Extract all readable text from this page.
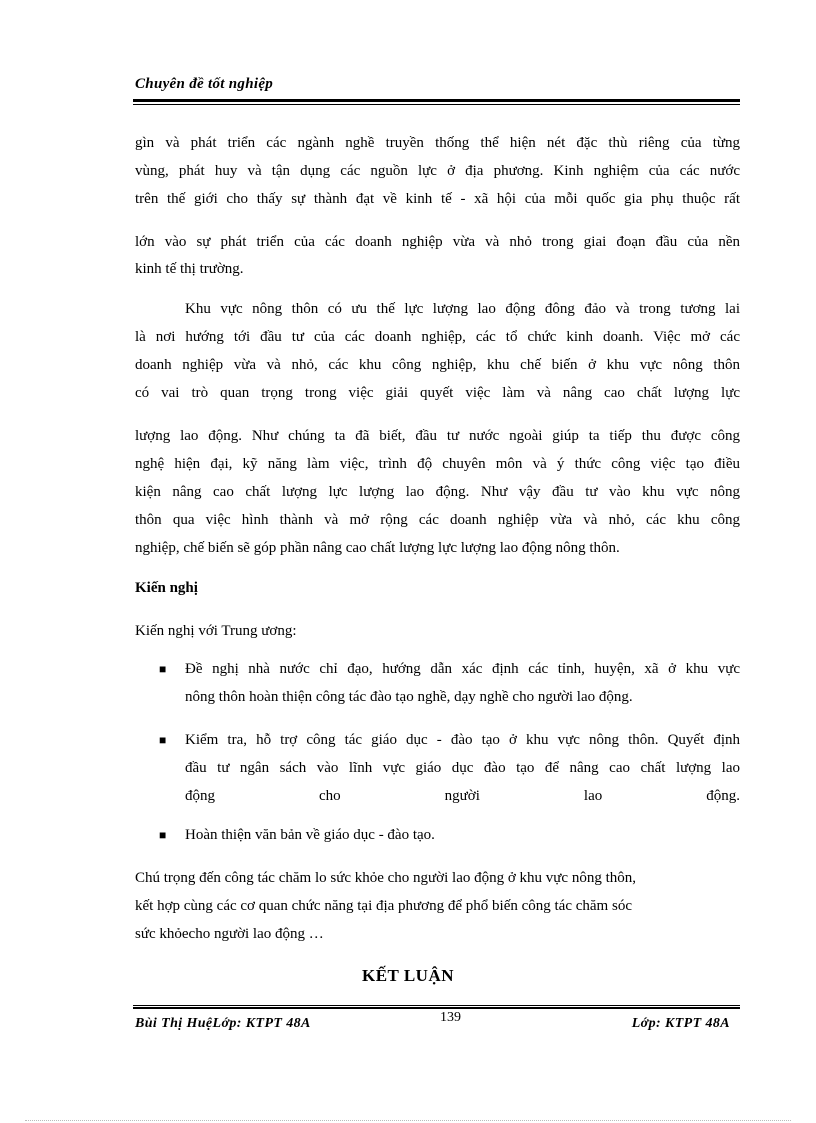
Chuyên đề tốt nghiệp
gìn và phát triển các ngành nghề truyền thống thể hiện nét đặc thù riêng của từng
vùng, phát huy và tận dụng các nguồn lực ở địa phương. Kinh nghiệm của các nước
trên thế giới cho thấy sự thành đạt về kinh tế - xã hội của mỗi quốc gia phụ thuộc rất
lớn vào sự phát triển của các doanh nghiệp vừa và nhỏ trong giai đoạn đầu của nền
kinh tế thị trường.
Khu vực nông thôn có ưu thế lực lượng lao động đông đảo và trong tương lai
là nơi hướng tới đầu tư của các doanh nghiệp, các tổ chức kinh doanh. Việc mở các
doanh nghiệp vừa và nhỏ, các khu công nghiệp, khu chế biến ở khu vực nông thôn
có vai trò quan trọng trong việc giải quyết việc làm và nâng cao chất lượng lực
lượng lao động. Như chúng ta đã biết, đầu tư nước ngoài giúp ta tiếp thu được công
nghệ hiện đại, kỹ năng làm việc, trình độ chuyên môn và ý thức công việc tạo điều
kiện nâng cao chất lượng lực lượng lao động. Như vậy đầu tư vào khu vực nông
thôn qua việc hình thành và mở rộng các doanh nghiệp vừa và nhỏ, các khu công
nghiệp, chế biến sẽ góp phần nâng cao chất lượng lực lượng lao động nông thôn.
Kiến nghị
Kiến nghị với Trung ương:
■ Đề nghị nhà nước chỉ đạo, hướng dẫn xác định các tỉnh, huyện, xã ở khu vực
nông thôn hoàn thiện công tác đào tạo nghề, dạy nghề cho người lao động.
■ Kiểm tra, hỗ trợ công tác giáo dục - đào tạo ở khu vực nông thôn. Quyết định
đầu tư ngân sách vào lĩnh vực giáo dục đào tạo để nâng cao chất lượng lao
động cho người lao động.
■ Hoàn thiện văn bản về giáo dục - đào tạo.
Chú trọng đến công tác chăm lo sức khỏe cho người lao động ở khu vực nông thôn,
kết hợp cùng các cơ quan chức năng tại địa phương để phổ biến công tác chăm sóc
sức khỏecho người lao động …
KẾT LUẬN
Bùi Thị HuệLớp: KTPT 48A	139	Lớp: KTPT 48A
